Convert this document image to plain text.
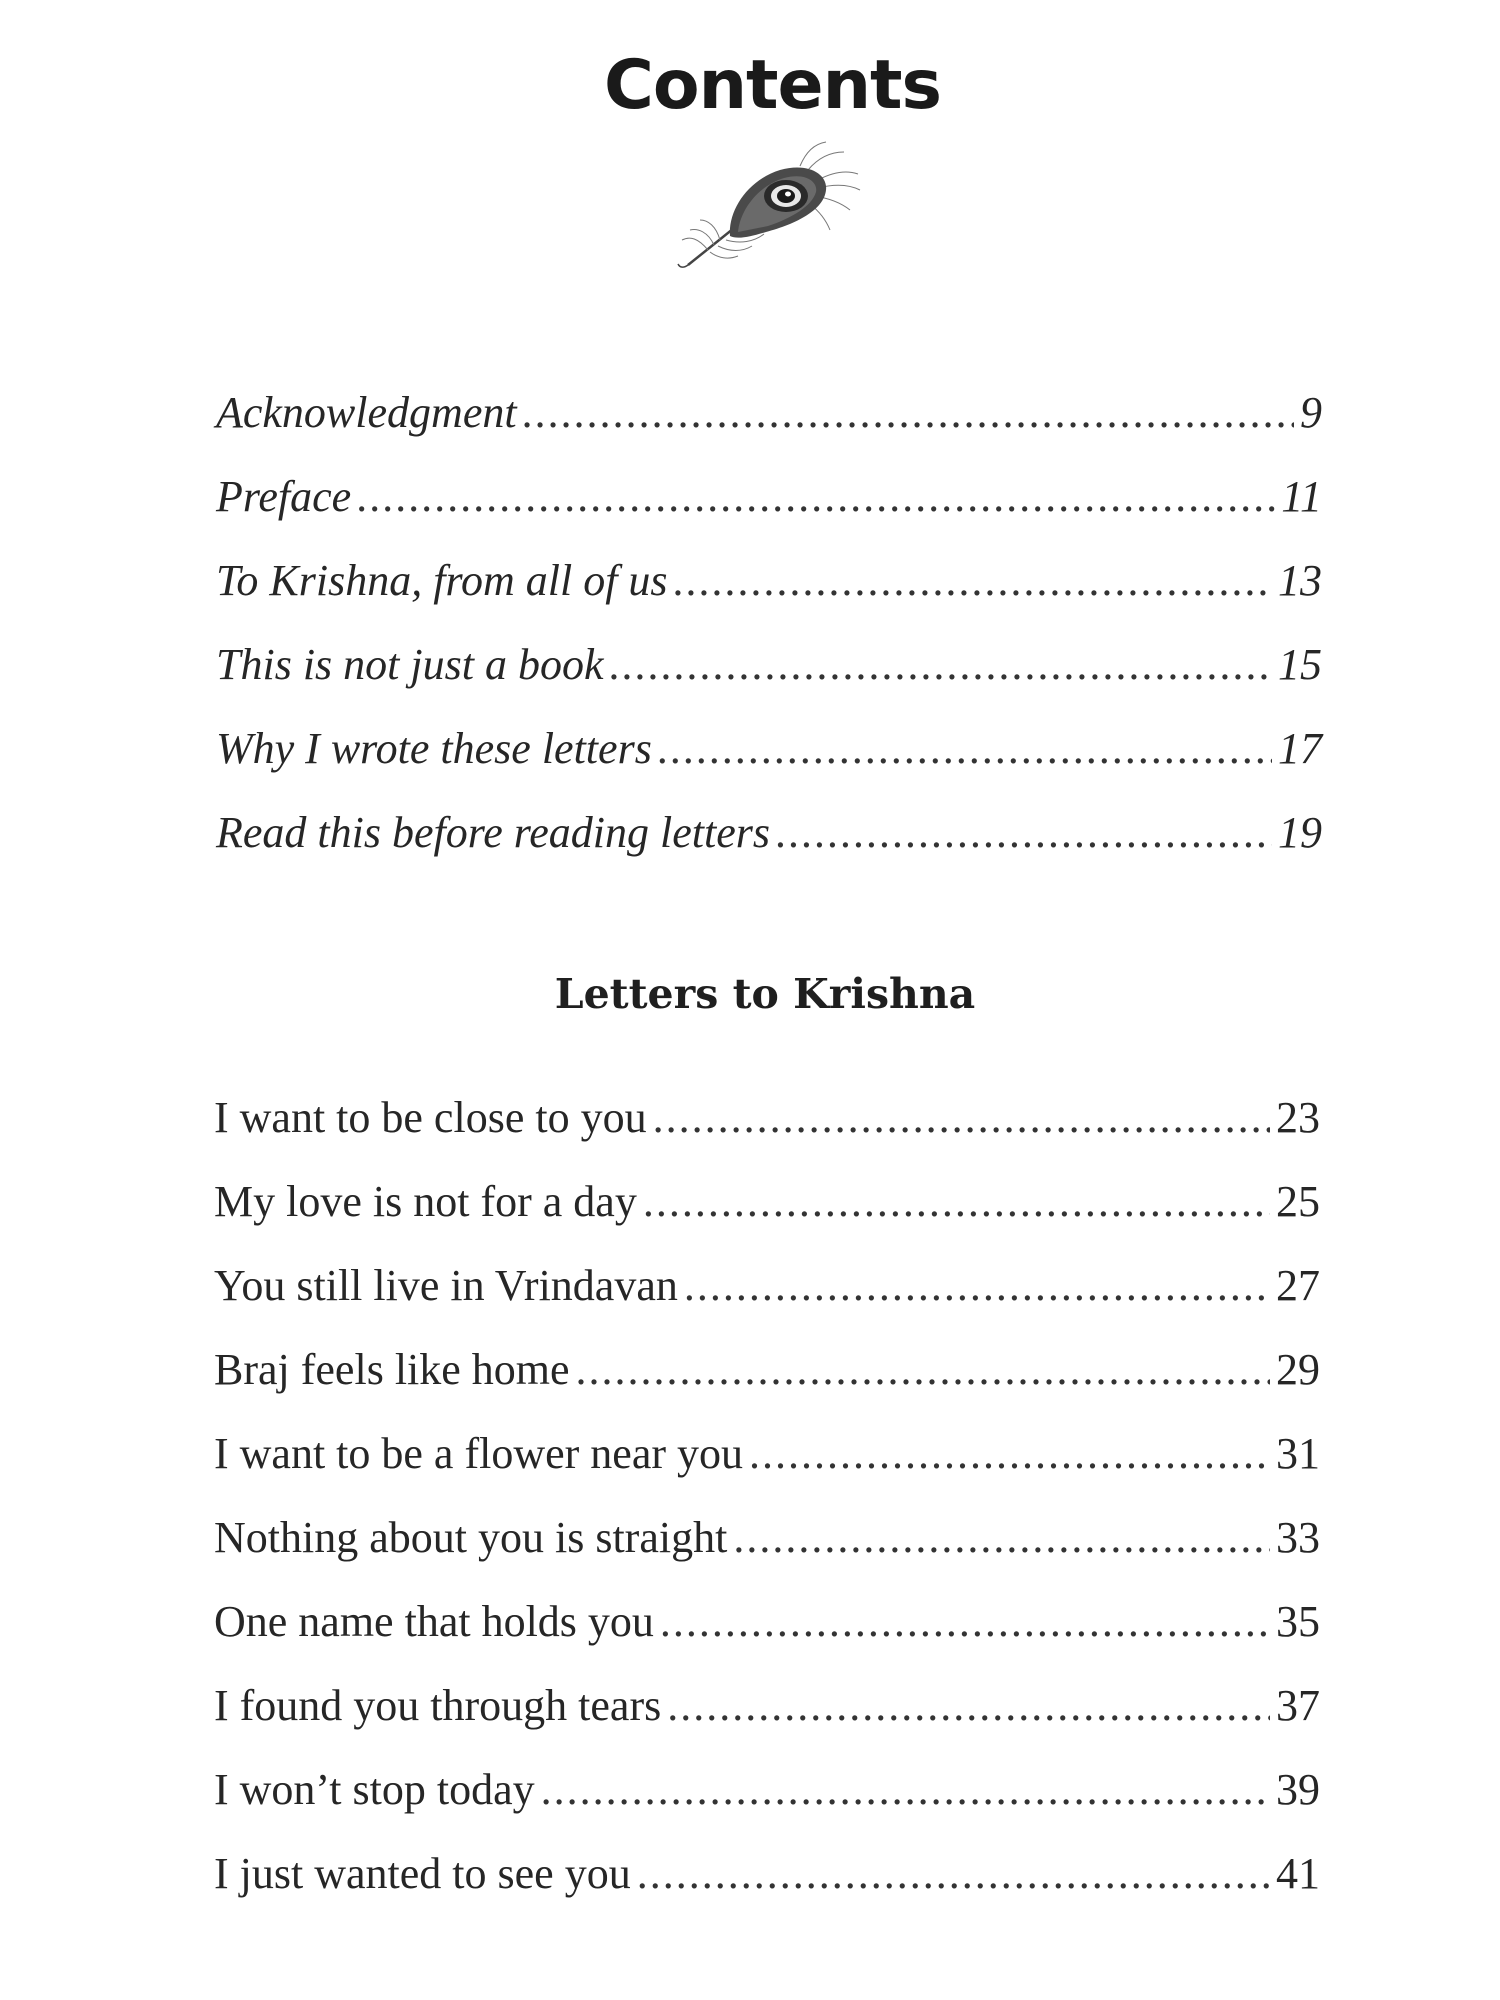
Contents
Acknowledgment .....	9
Preface .....	11
To Krishna, from all of us .....	13
This is not just a book .....	15
Why I wrote these letters .....	17
Read this before reading letters .....	19
Letters to Krishna
I want to be close to you .....	23
My love is not for a day .....	25
You still live in Vrindavan .....	27
Braj feels like home .....	29
I want to be a flower near you .....	31
Nothing about you is straight .....	33
One name that holds you .....	35
I found you through tears .....	37
I won’t stop today .....	39
I just wanted to see you .....	41
